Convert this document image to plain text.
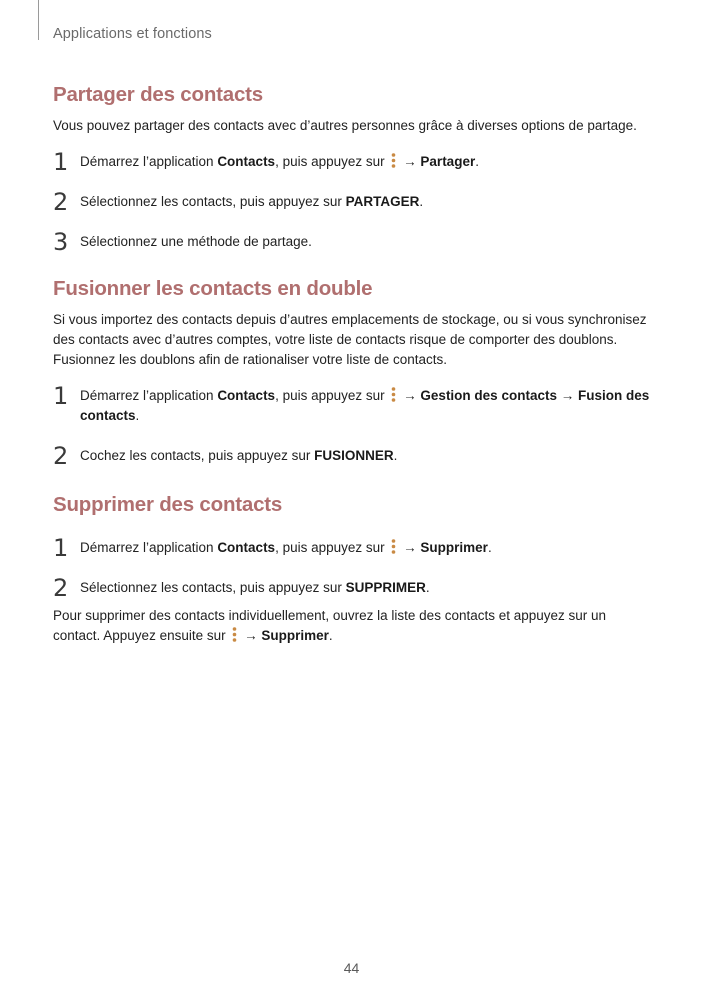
Applications et fonctions
Partager des contacts

Vous pouvez partager des contacts avec d’autres personnes grâce à diverses options de partage.

1 Démarrez l’application Contacts, puis appuyez sur  → Partager.
2 Sélectionnez les contacts, puis appuyez sur PARTAGER.
3 Sélectionnez une méthode de partage.
Fusionner les contacts en double

Si vous importez des contacts depuis d’autres emplacements de stockage, ou si vous synchronisez des contacts avec d’autres comptes, votre liste de contacts risque de comporter des doublons. Fusionnez les doublons afin de rationaliser votre liste de contacts.

1 Démarrez l’application Contacts, puis appuyez sur  → Gestion des contacts → Fusion des contacts.
2 Cochez les contacts, puis appuyez sur FUSIONNER.
Supprimer des contacts
1 Démarrez l’application Contacts, puis appuyez sur  → Supprimer.
2 Sélectionnez les contacts, puis appuyez sur SUPPRIMER.

Pour supprimer des contacts individuellement, ouvrez la liste des contacts et appuyez sur un contact. Appuyez ensuite sur  → Supprimer.

44
